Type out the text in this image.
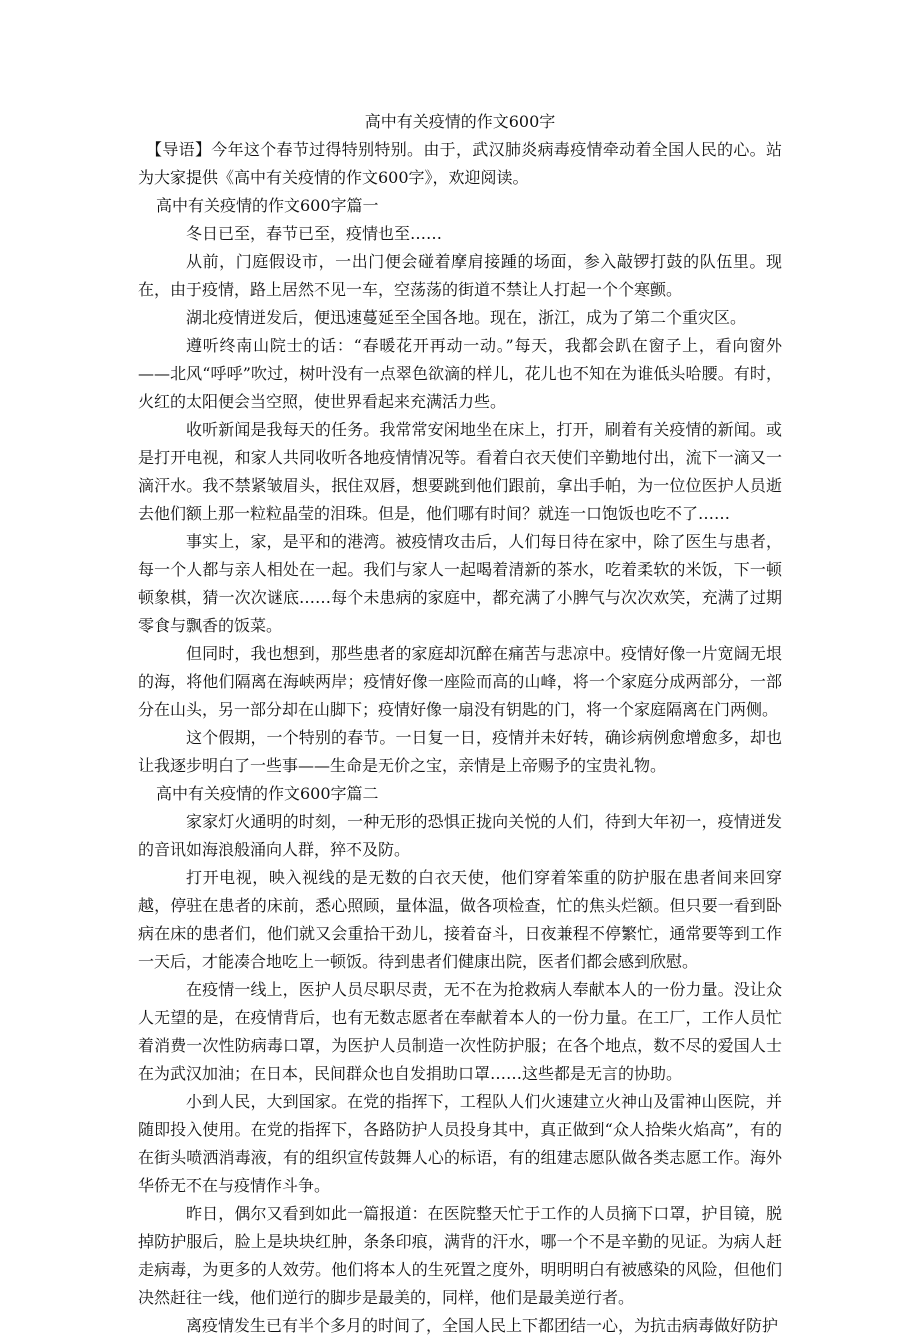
高中有关疫情的作文600字

【导语】今年这个春节过得特别特别。由于，武汉肺炎病毒疫情牵动着全国人民的心。站为大家提供《高中有关疫情的作文600字》，欢迎阅读。

高中有关疫情的作文600字篇一

冬日已至，春节已至，疫情也至……

从前，门庭假设市，一出门便会碰着摩肩接踵的场面，参入敲锣打鼓的队伍里。现在，由于疫情，路上居然不见一车，空荡荡的街道不禁让人打起一个个寒颤。

湖北疫情迸发后，便迅速蔓延至全国各地。现在，浙江，成为了第二个重灾区。

遵听终南山院士的话：“春暖花开再动一动。”每天，我都会趴在窗子上，看向窗外——北风“呼呼”吹过，树叶没有一点翠色欲滴的样儿，花儿也不知在为谁低头哈腰。有时，火红的太阳便会当空照，使世界看起来充满活力些。

收听新闻是我每天的任务。我常常安闲地坐在床上，打开，刷着有关疫情的新闻。或是打开电视，和家人共同收听各地疫情情况等。看着白衣天使们辛勤地付出，流下一滴又一滴汗水。我不禁紧皱眉头，抿住双唇，想要跳到他们跟前，拿出手帕，为一位位医护人员逝去他们额上那一粒粒晶莹的泪珠。但是，他们哪有时间？就连一口饱饭也吃不了……

事实上，家，是平和的港湾。被疫情攻击后，人们每日待在家中，除了医生与患者，每一个人都与亲人相处在一起。我们与家人一起喝着清新的茶水，吃着柔软的米饭，下一顿顿象棋，猜一次次谜底……每个未患病的家庭中，都充满了小脾气与次次欢笑，充满了过期零食与飘香的饭菜。

但同时，我也想到，那些患者的家庭却沉醉在痛苦与悲凉中。疫情好像一片宽阔无垠的海，将他们隔离在海峡两岸；疫情好像一座险而高的山峰，将一个家庭分成两部分，一部分在山头，另一部分却在山脚下；疫情好像一扇没有钥匙的门，将一个家庭隔离在门两侧。

这个假期，一个特别的春节。一日复一日，疫情并未好转，确诊病例愈增愈多，却也让我逐步明白了一些事——生命是无价之宝，亲情是上帝赐予的宝贵礼物。

高中有关疫情的作文600字篇二

家家灯火通明的时刻，一种无形的恐惧正拢向关悦的人们，待到大年初一，疫情迸发的音讯如海浪般涌向人群，猝不及防。

打开电视，映入视线的是无数的白衣天使，他们穿着笨重的防护服在患者间来回穿越，停驻在患者的床前，悉心照顾，量体温，做各项检查，忙的焦头烂额。但只要一看到卧病在床的患者们，他们就又会重拾干劲儿，接着奋斗，日夜兼程不停繁忙，通常要等到工作一天后，才能凑合地吃上一顿饭。待到患者们健康出院，医者们都会感到欣慰。

在疫情一线上，医护人员尽职尽责，无不在为抢救病人奉献本人的一份力量。没让众人无望的是，在疫情背后，也有无数志愿者在奉献着本人的一份力量。在工厂，工作人员忙着消费一次性防病毒口罩，为医护人员制造一次性防护服；在各个地点，数不尽的爱国人士在为武汉加油；在日本，民间群众也自发捐助口罩……这些都是无言的协助。

小到人民，大到国家。在党的指挥下，工程队人们火速建立火神山及雷神山医院，并随即投入使用。在党的指挥下，各路防护人员投身其中，真正做到“众人拾柴火焰高”，有的在街头喷洒消毒液，有的组织宣传鼓舞人心的标语，有的组建志愿队做各类志愿工作。海外华侨无不在与疫情作斗争。

昨日，偶尔又看到如此一篇报道：在医院整天忙于工作的人员摘下口罩，护目镜，脱掉防护服后，脸上是块块红肿，条条印痕，满背的汗水，哪一个不是辛勤的见证。为病人赶走病毒，为更多的人效劳。他们将本人的生死置之度外，明明明白有被感染的风险，但他们决然赶往一线，他们逆行的脚步是最美的，同样，他们是最美逆行者。

离疫情发生已有半个多月的时间了，全国人民上下都团结一心，为抗击病毒做好防护
